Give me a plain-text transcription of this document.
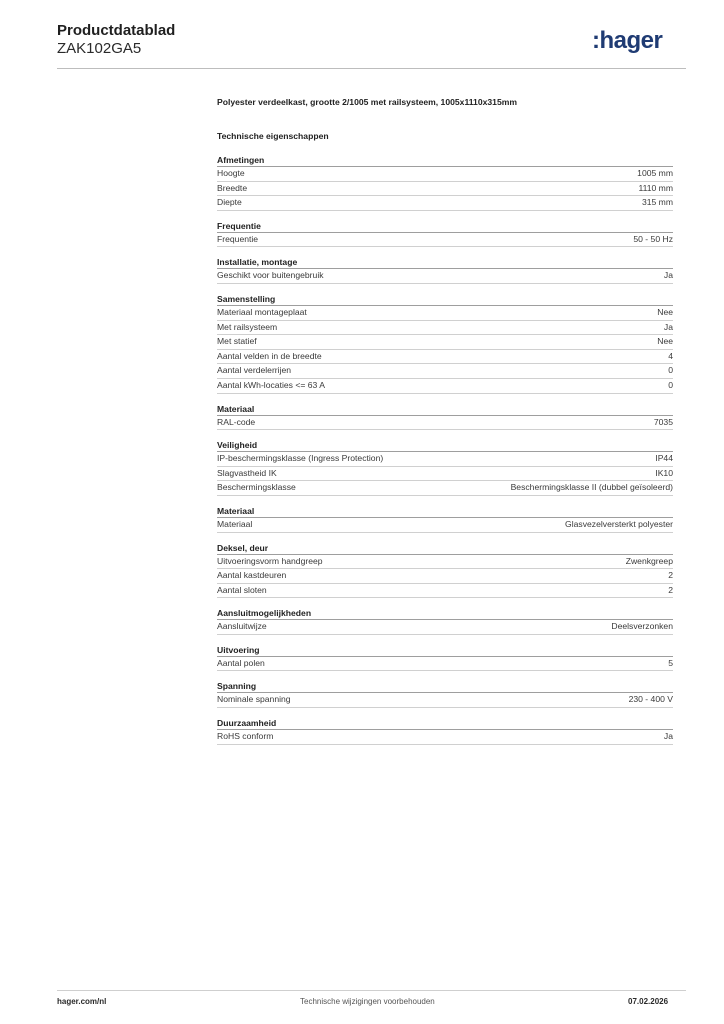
Productdatablad
ZAK102GA5	:hager
Polyester verdeelkast, grootte 2/1005 met railsysteem, 1005x1110x315mm
Technische eigenschappen
Afmetingen
Hoogte	1005 mm
Breedte	1110 mm
Diepte	315 mm
Frequentie
Frequentie	50 - 50 Hz
Installatie, montage
Geschikt voor buitengebruik	Ja
Samenstelling
Materiaal montageplaat	Nee
Met railsysteem	Ja
Met statief	Nee
Aantal velden in de breedte	4
Aantal verdelerrijen	0
Aantal kWh-locaties <= 63 A	0
Materiaal
RAL-code	7035
Veiligheid
IP-beschermingsklasse (Ingress Protection)	IP44
Slagvastheid IK	IK10
Beschermingsklasse	Beschermingsklasse II (dubbel geïsoleerd)
Materiaal
Materiaal	Glasvezelversterkt polyester
Deksel, deur
Uitvoeringsvorm handgreep	Zwenkgreep
Aantal kastdeuren	2
Aantal sloten	2
Aansluitmogelijkheden
Aansluitwijze	Deelsverzonken
Uitvoering
Aantal polen	5
Spanning
Nominale spanning	230 - 400 V
Duurzaamheid
RoHS conform	Ja
hager.com/nl	Technische wijzigingen voorbehouden	07.02.2026
